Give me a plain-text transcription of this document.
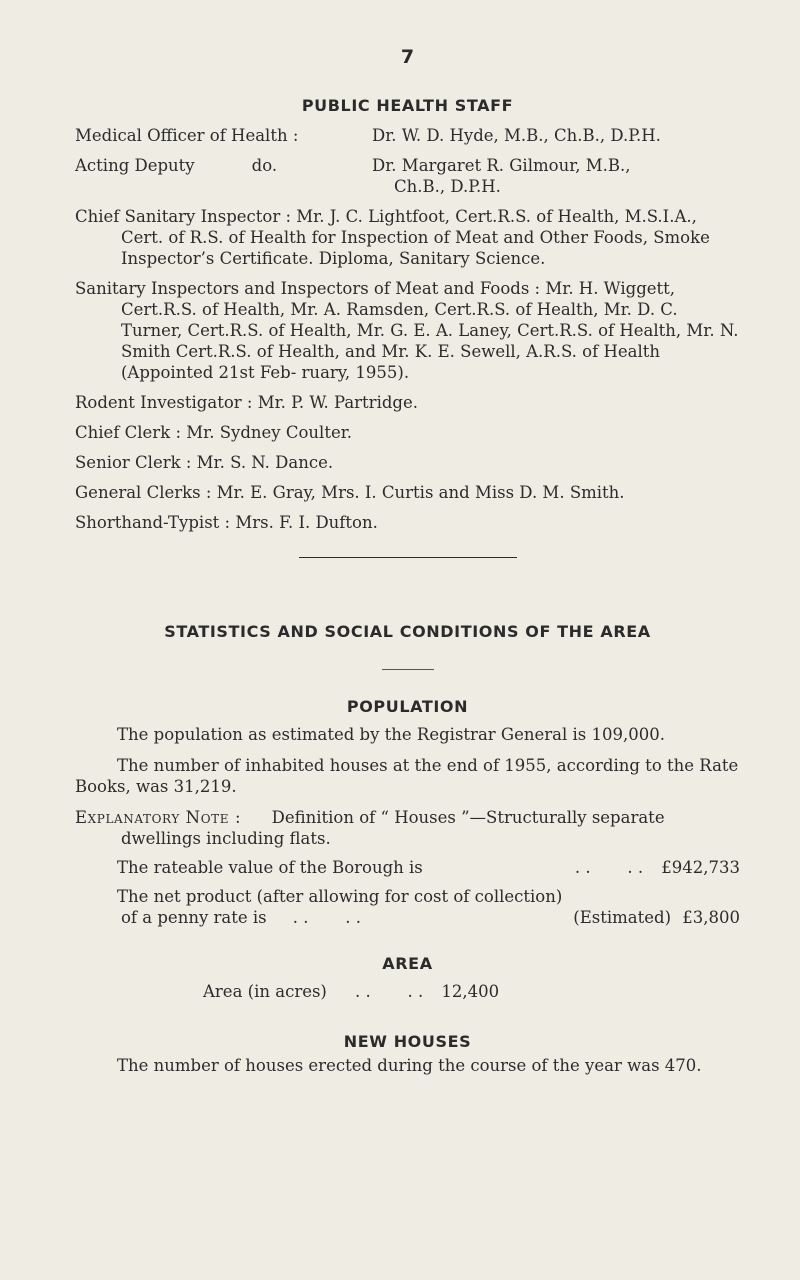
7
PUBLIC HEALTH STAFF
Medical Officer of Health :	Dr. W. D. Hyde, M.B., Ch.B., D.P.H.
Acting Deputy	do.	Dr. Margaret R. Gilmour, M.B.,
Ch.B., D.P.H.
Chief Sanitary Inspector : Mr. J. C. Lightfoot, Cert.R.S. of Health, M.S.I.A., Cert. of R.S. of Health for Inspection of Meat and Other Foods, Smoke Inspector’s Certificate. Diploma, Sanitary Science.
Sanitary Inspectors and Inspectors of Meat and Foods : Mr. H. Wiggett, Cert.R.S. of Health, Mr. A. Ramsden, Cert.R.S. of Health, Mr. D. C. Turner, Cert.R.S. of Health, Mr. G. E. A. Laney, Cert.R.S. of Health, Mr. N. Smith Cert.R.S. of Health, and Mr. K. E. Sewell, A.R.S. of Health (Appointed 21st Feb- ruary, 1955).
Rodent Investigator : Mr. P. W. Partridge.
Chief Clerk : Mr. Sydney Coulter.
Senior Clerk : Mr. S. N. Dance.
General Clerks : Mr. E. Gray, Mrs. I. Curtis and Miss D. M. Smith.
Shorthand-Typist : Mrs. F. I. Dufton.
STATISTICS AND SOCIAL CONDITIONS OF THE AREA
POPULATION
The population as estimated by the Registrar General is 109,000.
The number of inhabited houses at the end of 1955, according to the Rate Books, was 31,219.
Explanatory Note : Definition of “ Houses ”—Structurally separate dwellings including flats.
The rateable value of the Borough is	. .       . . £942,733
The net product (after allowing for cost of collection)
of a penny rate is . .       . .	(Estimated) £3,800
AREA
Area (in acres) . .       . . 12,400
NEW HOUSES
The number of houses erected during the course of the year was 470.
